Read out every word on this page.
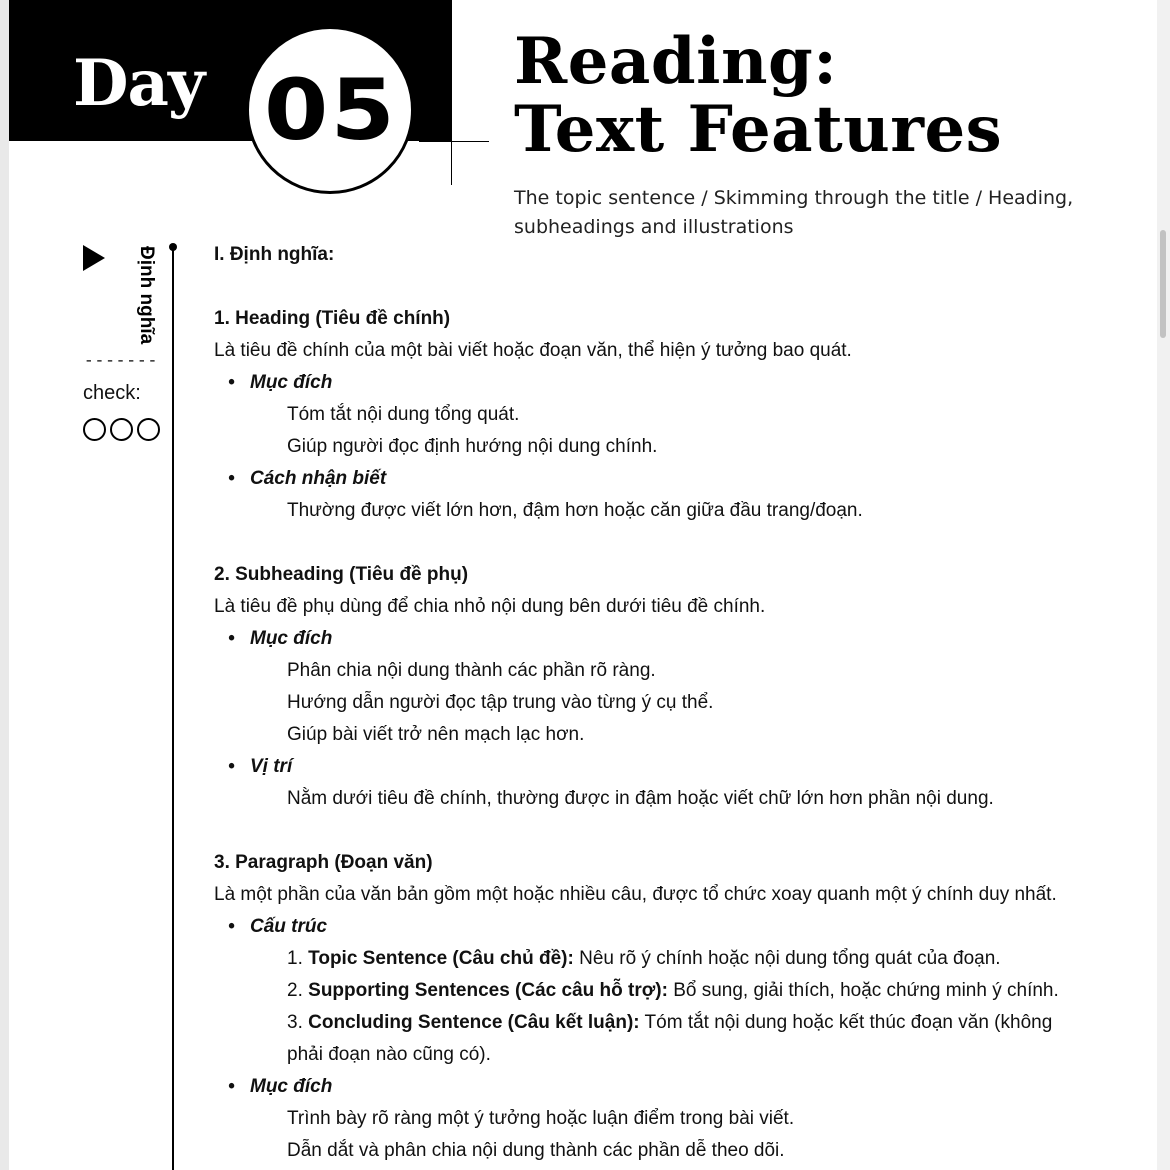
Day 05 Reading:
Text Features
The topic sentence / Skimming through the title / Heading,
subheadings and illustrations
Định nghĩa
-------
check:
I. Định nghĩa:
1. Heading (Tiêu đề chính)
Là tiêu đề chính của một bài viết hoặc đoạn văn, thể hiện ý tưởng bao quát.
• Mục đích
Tóm tắt nội dung tổng quát.
Giúp người đọc định hướng nội dung chính.
• Cách nhận biết
Thường được viết lớn hơn, đậm hơn hoặc căn giữa đầu trang/đoạn.
2. Subheading (Tiêu đề phụ)
Là tiêu đề phụ dùng để chia nhỏ nội dung bên dưới tiêu đề chính.
• Mục đích
Phân chia nội dung thành các phần rõ ràng.
Hướng dẫn người đọc tập trung vào từng ý cụ thể.
Giúp bài viết trở nên mạch lạc hơn.
• Vị trí
Nằm dưới tiêu đề chính, thường được in đậm hoặc viết chữ lớn hơn phần nội dung.
3. Paragraph (Đoạn văn)
Là một phần của văn bản gồm một hoặc nhiều câu, được tổ chức xoay quanh một ý chính duy nhất.
• Cấu trúc
1. Topic Sentence (Câu chủ đề): Nêu rõ ý chính hoặc nội dung tổng quát của đoạn.
2. Supporting Sentences (Các câu hỗ trợ): Bổ sung, giải thích, hoặc chứng minh ý chính.
3. Concluding Sentence (Câu kết luận): Tóm tắt nội dung hoặc kết thúc đoạn văn (không
phải đoạn nào cũng có).
• Mục đích
Trình bày rõ ràng một ý tưởng hoặc luận điểm trong bài viết.
Dẫn dắt và phân chia nội dung thành các phần dễ theo dõi.
